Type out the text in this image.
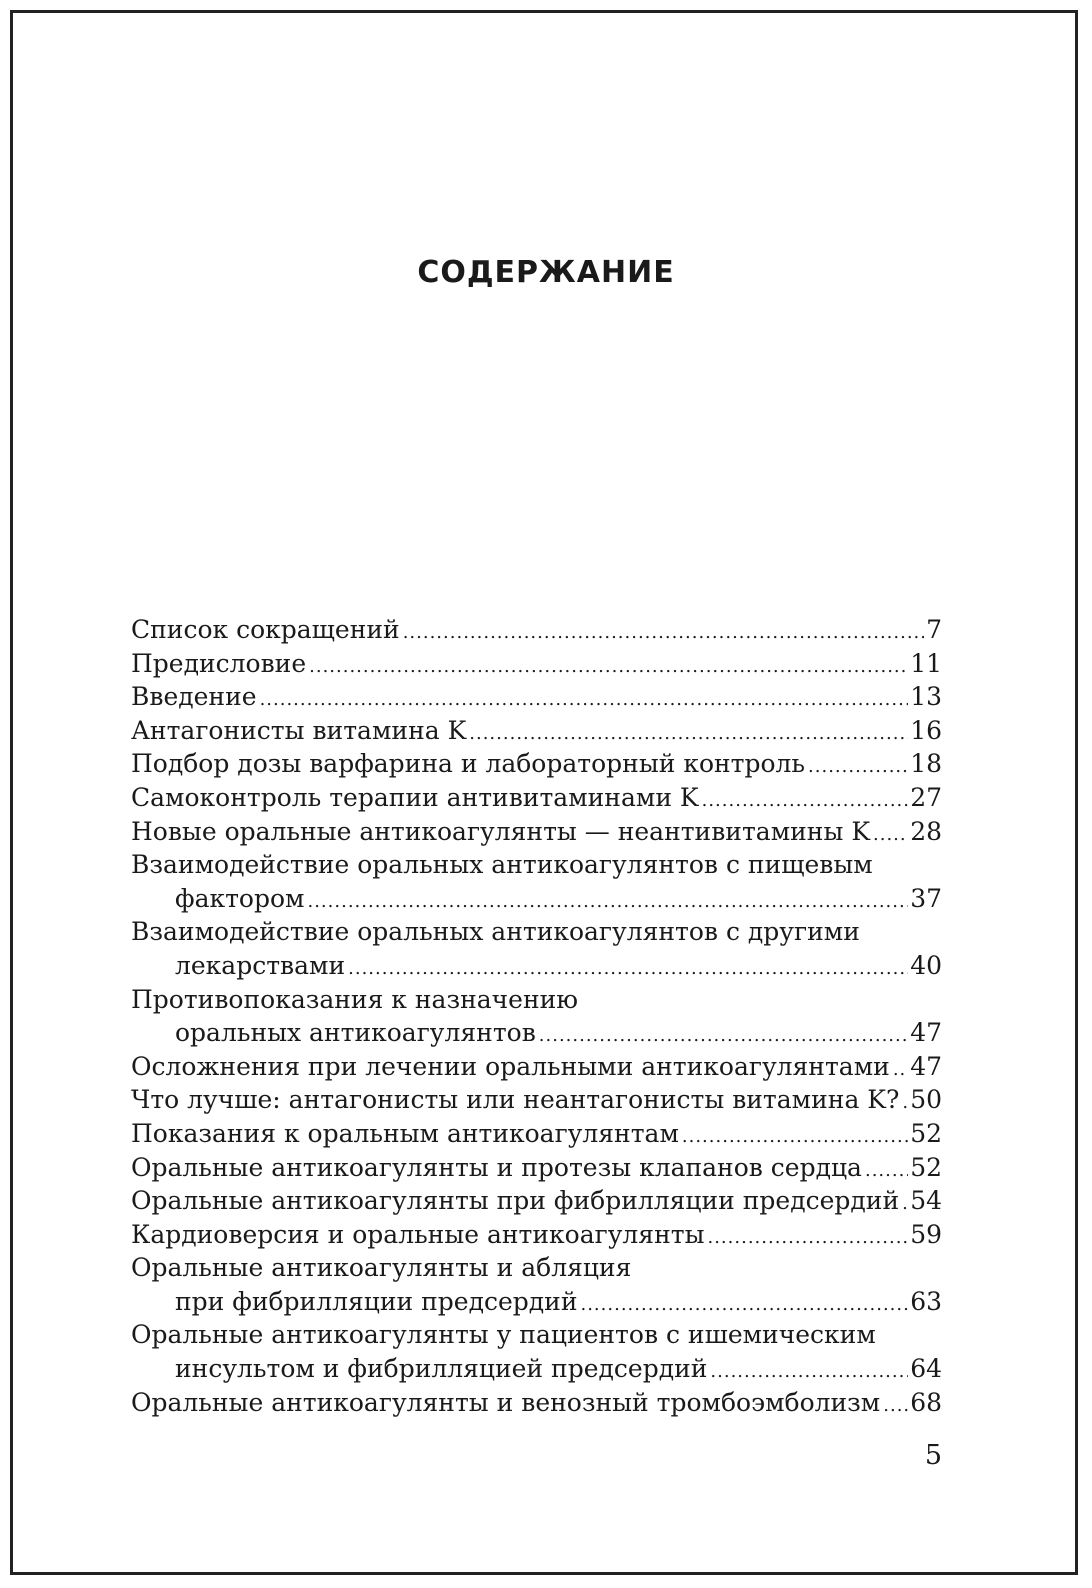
СОДЕРЖАНИЕ
Список сокращений .....	7
Предисловие .....	11
Введение .....	13
Антагонисты витамина K .....	16
Подбор дозы варфарина и лабораторный контроль .....	18
Самоконтроль терапии антивитаминами K .....	27
Новые оральные антикоагулянты — неантивитамины K ..... 28
Взаимодействие оральных антикоагулянтов с пищевым
фактором .....	37
Взаимодействие оральных антикоагулянтов с другими
лекарствами .....	40
Противопоказания к назначению
оральных антикоагулянтов .....	47
Осложнения при лечении оральными антикоагулянтами ..... 47
Что лучше: антагонисты или неантагонисты витамина K? ..... 50
Показания к оральным антикоагулянтам .....	52
Оральные антикоагулянты и протезы клапанов сердца ..... 52
Оральные антикоагулянты при фибрилляции предсердий ..... 54
Кардиоверсия и оральные антикоагулянты .....	59
Оральные антикоагулянты и абляция
при фибрилляции предсердий .....	63
Оральные антикоагулянты у пациентов с ишемическим
инсультом и фибрилляцией предсердий .....	64
Оральные антикоагулянты и венозный тромбоэмболизм ..... 68
5
